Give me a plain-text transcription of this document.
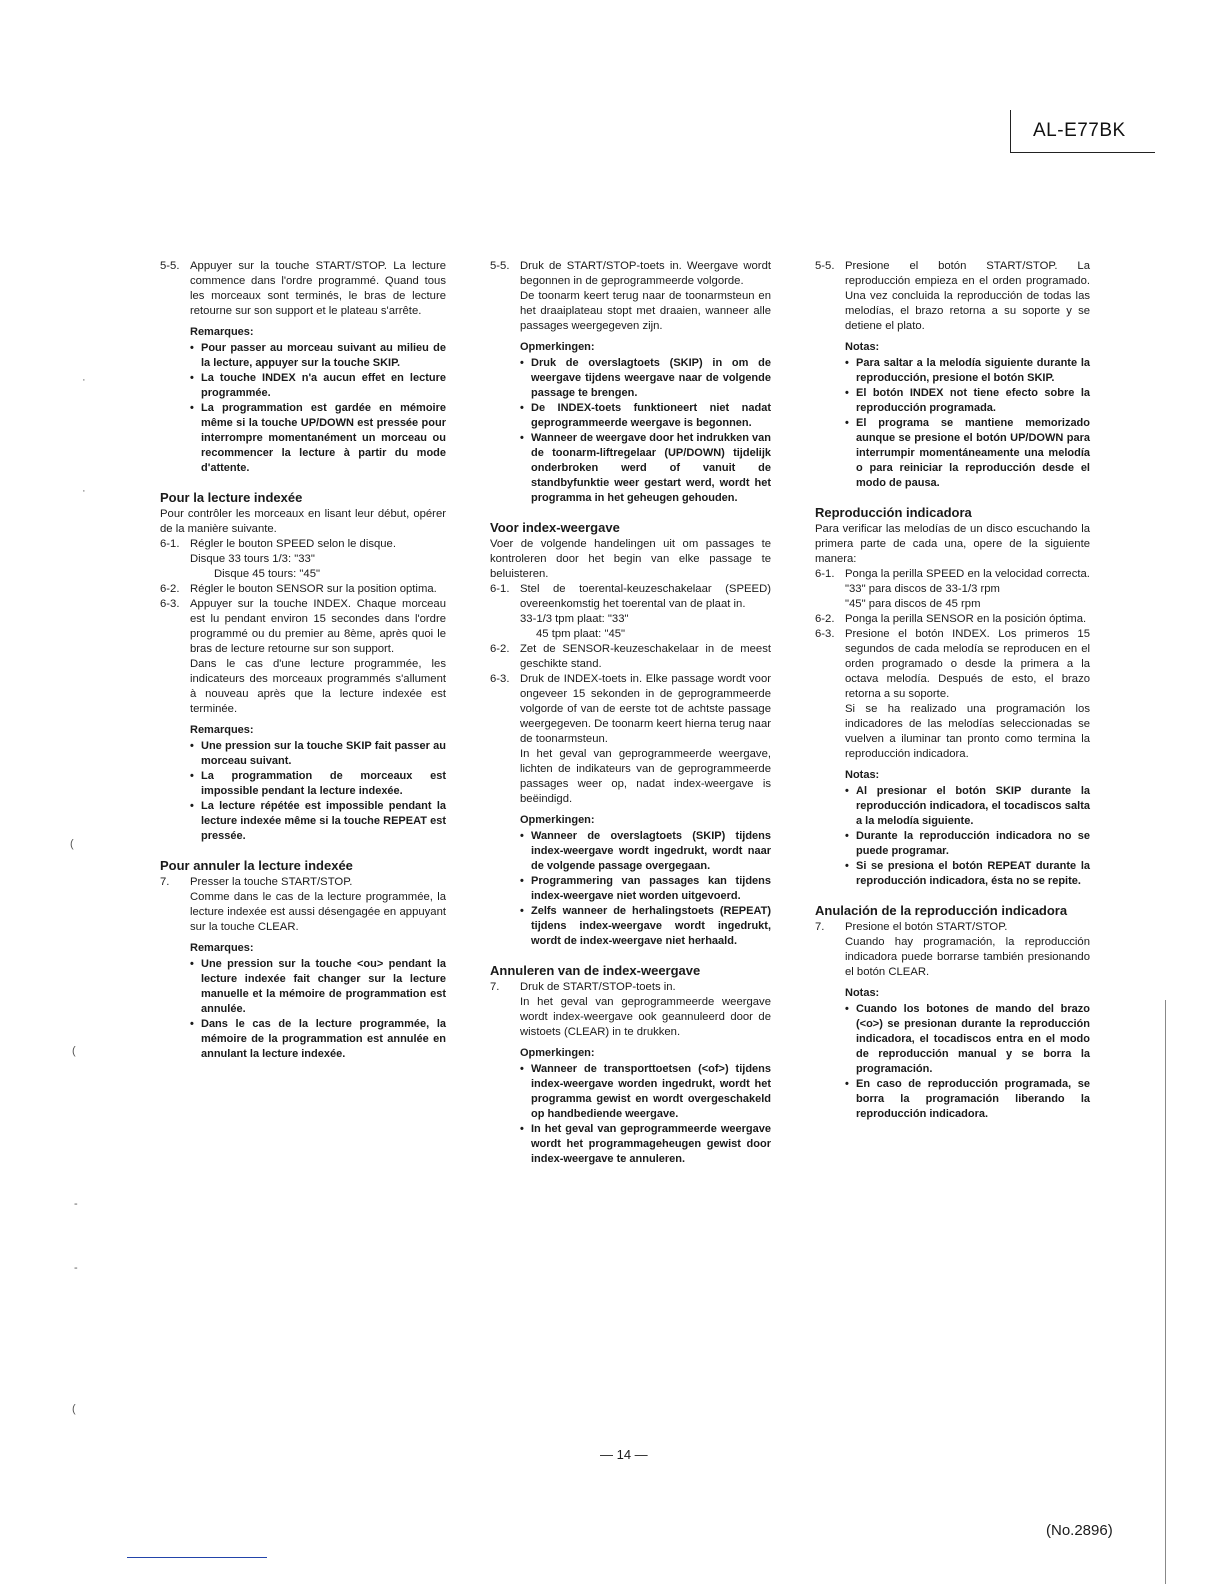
AL-E77BK
·
·
(
(
-
-
(
5-5. Appuyer sur la touche START/STOP. La lecture commence dans l'ordre programmé. Quand tous les morceaux sont terminés, le bras de lecture retourne sur son support et le plateau s'arrête.
Remarques:
• Pour passer au morceau suivant au milieu de la lecture, appuyer sur la touche SKIP.
• La touche INDEX n'a aucun effet en lecture programmée.
• La programmation est gardée en mémoire même si la touche UP/DOWN est pressée pour interrompre momentanément un morceau ou recommencer la lecture à partir du mode d'attente.
Pour la lecture indexée

Pour contrôler les morceaux en lisant leur début, opérer de la manière suivante.

6-1. Régler le bouton SPEED selon le disque.

Disque 33 tours 1/3: "33"

Disque 45 tours: "45"

6-2. Régler le bouton SENSOR sur la position optima.
6-3. Appuyer sur la touche INDEX. Chaque morceau est lu pendant environ 15 secondes dans l'ordre programmé ou du premier au 8ème, après quoi le bras de lecture retourne sur son support.

Dans le cas d'une lecture programmée, les indicateurs des morceaux programmés s'allument à nouveau après que la lecture indexée est terminée.

Remarques:
• Une pression sur la touche SKIP fait passer au morceau suivant.
• La programmation de morceaux est impossible pendant la lecture indexée.
• La lecture répétée est impossible pendant la lecture indexée même si la touche REPEAT est pressée.
Pour annuler la lecture indexée
7.	Presser la touche START/STOP.

Comme dans le cas de la lecture programmée, la lecture indexée est aussi désengagée en appuyant sur la touche CLEAR.

Remarques:
• Une pression sur la touche <ou> pendant la lecture indexée fait changer sur la lecture manuelle et la mémoire de programmation est annulée.
• Dans le cas de la lecture programmée, la mémoire de la programmation est annulée en annulant la lecture indexée.
5-5. Druk de START/STOP-toets in. Weergave wordt begonnen in de geprogrammeerde volgorde.

De toonarm keert terug naar de toonarmsteun en het draaiplateau stopt met draaien, wanneer alle passages weergegeven zijn.

Opmerkingen:
• Druk de overslagtoets (SKIP) in om de weergave tijdens weergave naar de volgende passage te brengen.
• De INDEX-toets funktioneert niet nadat geprogrammeerde weergave is begonnen.
• Wanneer de weergave door het indrukken van de toonarm-liftregelaar (UP/DOWN) tijdelijk onderbroken werd of vanuit de standbyfunktie weer gestart werd, wordt het programma in het geheugen gehouden.
Voor index-weergave

Voer de volgende handelingen uit om passages te kontroleren door het begin van elke passage te beluisteren.

6-1. Stel de toerental-keuzeschakelaar (SPEED) overeenkomstig het toerental van de plaat in.

33-1/3 tpm plaat: "33"

45 tpm plaat: "45"

6-2. Zet de SENSOR-keuzeschakelaar in de meest geschikte stand.
6-3. Druk de INDEX-toets in. Elke passage wordt voor ongeveer 15 sekonden in de geprogrammeerde volgorde of van de eerste tot de achtste passage weergegeven. De toonarm keert hierna terug naar de toonarmsteun.

In het geval van geprogrammeerde weergave, lichten de indikateurs van de geprogrammeerde passages weer op, nadat index-weergave is beëindigd.

Opmerkingen:
• Wanneer de overslagtoets (SKIP) tijdens index-weergave wordt ingedrukt, wordt naar de volgende passage overgegaan.
• Programmering van passages kan tijdens index-weergave niet worden uitgevoerd.
• Zelfs wanneer de herhalingstoets (REPEAT) tijdens index-weergave wordt ingedrukt, wordt de index-weergave niet herhaald.
Annuleren van de index-weergave
7.	Druk de START/STOP-toets in.

In het geval van geprogrammeerde weergave wordt index-weergave ook geannuleerd door de wistoets (CLEAR) in te drukken.

Opmerkingen:
• Wanneer de transporttoetsen (<of>) tijdens index-weergave worden ingedrukt, wordt het programma gewist en wordt overgeschakeld op handbediende weergave.
• In het geval van geprogrammeerde weergave wordt het programmageheugen gewist door index-weergave te annuleren.
5-5. Presione el botón START/STOP. La reproducción empieza en el orden programado. Una vez concluida la reproducción de todas las melodías, el brazo retorna a su soporte y se detiene el plato.
Notas:
• Para saltar a la melodía siguiente durante la reproducción, presione el botón SKIP.
• El botón INDEX not tiene efecto sobre la reproducción programada.
• El programa se mantiene memorizado aunque se presione el botón UP/DOWN para interrumpir momentáneamente una melodía o para reiniciar la reproducción desde el modo de pausa.
Reproducción indicadora

Para verificar las melodías de un disco escuchando la primera parte de cada una, opere de la siguiente manera:

6-1. Ponga la perilla SPEED en la velocidad correcta.

"33" para discos de 33-1/3 rpm

"45" para discos de 45 rpm

6-2. Ponga la perilla SENSOR en la posición óptima.
6-3. Presione el botón INDEX. Los primeros 15 segundos de cada melodía se reproducen en el orden programado o desde la primera a la octava melodía. Después de esto, el brazo retorna a su soporte.

Si se ha realizado una programación los indicadores de las melodías seleccionadas se vuelven a iluminar tan pronto como termina la reproducción indicadora.

Notas:
• Al presionar el botón SKIP durante la reproducción indicadora, el tocadiscos salta a la melodía siguiente.
• Durante la reproducción indicadora no se puede programar.
• Si se presiona el botón REPEAT durante la reproducción indicadora, ésta no se repite.
Anulación de la reproducción indicadora
7.	Presione el botón START/STOP.

Cuando hay programación, la reproducción indicadora puede borrarse también presionando el botón CLEAR.

Notas:
• Cuando los botones de mando del brazo (<o>) se presionan durante la reproducción indicadora, el tocadiscos entra en el modo de reproducción manual y se borra la programación.
• En caso de reproducción programada, se borra la programación liberando la reproducción indicadora.
— 14 —
(No.2896)
